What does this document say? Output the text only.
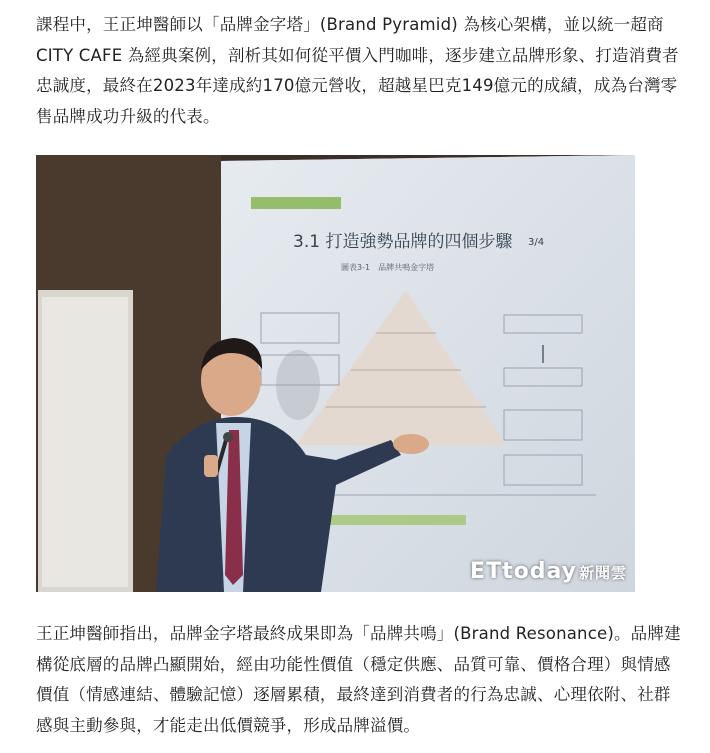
課程中，王正坤醫師以「品牌金字塔」(Brand Pyramid) 為核心架構，並以統一超商 CITY CAFE 為經典案例，剖析其如何從平價入門咖啡，逐步建立品牌形象、打造消費者忠誠度，最終在2023年達成約170億元營收，超越星巴克149億元的成績，成為台灣零售品牌成功升級的代表。

3.1 打造強勢品牌的四個步驟 3/4
圖表3-1　品牌共鳴金字塔
ETtoday 新聞雲

王正坤醫師指出，品牌金字塔最終成果即為「品牌共鳴」(Brand Resonance)。品牌建構從底層的品牌凸顯開始，經由功能性價值（穩定供應、品質可靠、價格合理）與情感價值（情感連結、體驗記憶）逐層累積，最終達到消費者的行為忠誠、心理依附、社群感與主動參與，才能走出低價競爭，形成品牌溢價。
